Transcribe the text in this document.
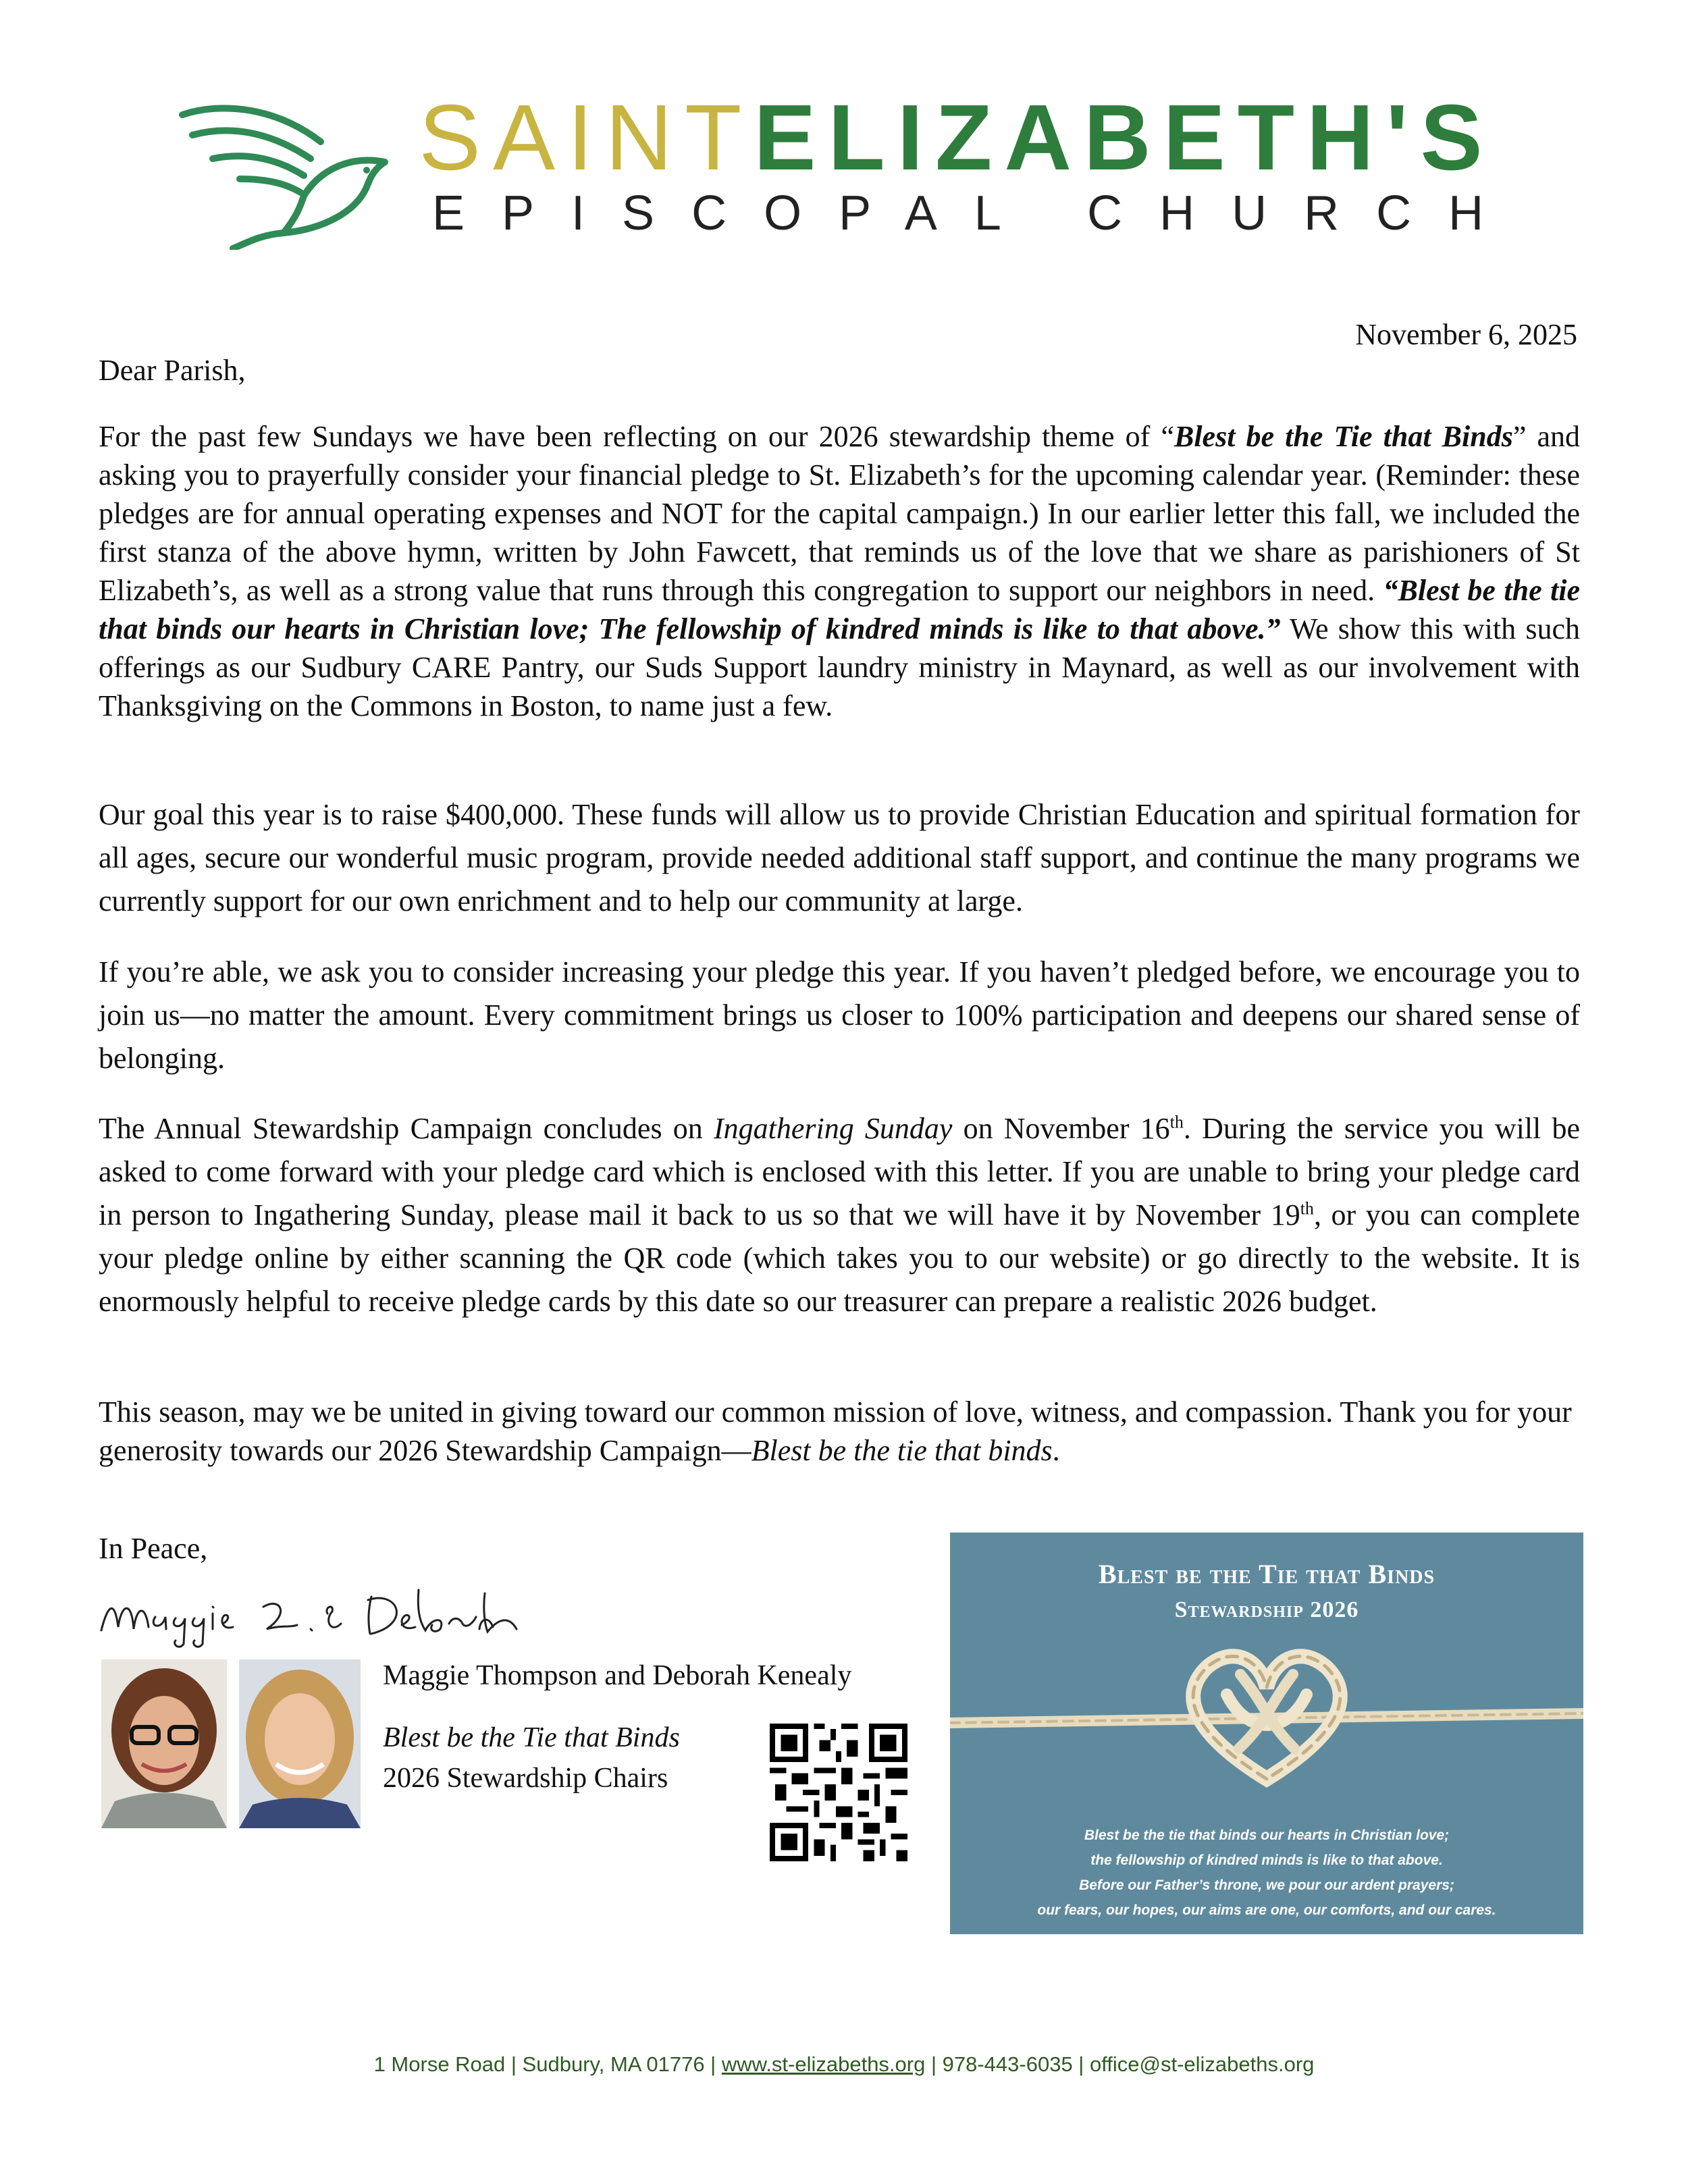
SAINTELIZABETH'S
EPISCOPAL CHURCH
November 6, 2025
Dear Parish,
For the past few Sundays we have been reflecting on our 2026 stewardship theme of “Blest be the Tie that Binds” and asking you to prayerfully consider your financial pledge to St. Elizabeth’s for the upcoming calendar year. (Reminder: these pledges are for annual operating expenses and NOT for the capital campaign.) In our earlier letter this fall, we included the first stanza of the above hymn, written by John Fawcett, that reminds us of the love that we share as parishioners of St Elizabeth’s, as well as a strong value that runs through this congregation to support our neighbors in need. “Blest be the tie that binds our hearts in Christian love; The fellowship of kindred minds is like to that above.” We show this with such offerings as our Sudbury CARE Pantry, our Suds Support laundry ministry in Maynard, as well as our involvement with Thanksgiving on the Commons in Boston, to name just a few.
Our goal this year is to raise $400,000. These funds will allow us to provide Christian Education and spiritual formation for all ages, secure our wonderful music program, provide needed additional staff support, and continue the many programs we currently support for our own enrichment and to help our community at large.
If you’re able, we ask you to consider increasing your pledge this year. If you haven’t pledged before, we encourage you to join us—no matter the amount. Every commitment brings us closer to 100% participation and deepens our shared sense of belonging.
The Annual Stewardship Campaign concludes on Ingathering Sunday on November 16th. During the service you will be asked to come forward with your pledge card which is enclosed with this letter. If you are unable to bring your pledge card in person to Ingathering Sunday, please mail it back to us so that we will have it by November 19th, or you can complete your pledge online by either scanning the QR code (which takes you to our website) or go directly to the website. It is enormously helpful to receive pledge cards by this date so our treasurer can prepare a realistic 2026 budget.
This season, may we be united in giving toward our common mission of love, witness, and compassion. Thank you for your generosity towards our 2026 Stewardship Campaign—Blest be the tie that binds.
In Peace,
Maggie Thompson and Deborah Kenealy
Blest be the Tie that Binds
2026 Stewardship Chairs
Blest be the Tie that Binds
Stewardship 2026
Blest be the tie that binds our hearts in Christian love;
the fellowship of kindred minds is like to that above.
Before our Father’s throne, we pour our ardent prayers;
our fears, our hopes, our aims are one, our comforts, and our cares.
1 Morse Road | Sudbury, MA 01776 | www.st-elizabeths.org | 978-443-6035 | office@st-elizabeths.org
